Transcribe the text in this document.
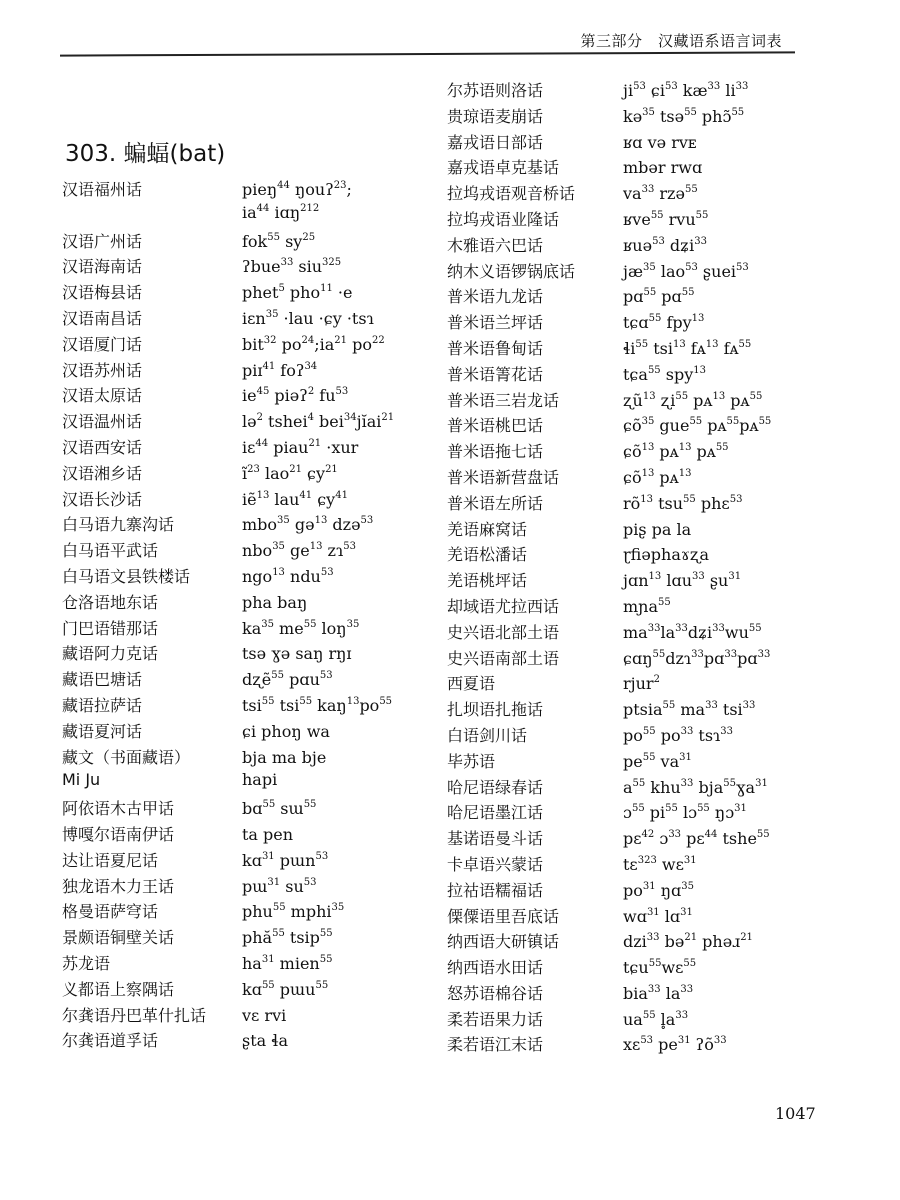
第三部分　汉藏语系语言词表
303. 蝙蝠(bat)
汉语福州话	pieŋ$^{44}$ ŋouʔ$^{23}$;
$ia^{44}$ iɑŋ$^{212}$
汉语广州话	fok$^{55}$ $sy^{25}$
汉语海南话	ʔbue$^{33}$ siu$^{325}$
汉语梅县话	phet$^5$ pho$^{11}$ ·e
汉语南昌话	iɛn$^{35}$ ·lau ·ɕy ·tsɿ
汉语厦门话	bit$^{32}$ $po^{24};ia^{21}$ $po^{22}$
汉语苏州话	piɪ$^{41}$ foʔ$^{34}$
汉语太原话	$ie^{45}$ piəʔ$^2$ $fu^{53}$
汉语温州话	lə$^2$ tshei$^4$ bei$^{34}$jĭai$^{21}$
汉语西安话	iɛ$^{44}$ piau$^{21}$ ·xur
汉语湘乡话	$ĩ^{23}$ lao$^{21}$ ɕy$^{21}$
汉语长沙话	iẽ$^{13}$ lau$^{41}$ ɕy$^{41}$
白马语九寨沟话	mbo$^{35}$ gə$^{13}$ dzə$^{53}$
白马语平武话	nbo$^{35}$ $ge^{13}$ zɿ$^{53}$
白马语文县铁楼话	ngo$^{13}$ ndu$^{53}$
仓洛语地东话	pha baŋ
门巴语错那话	$ka^{35}$ $me^{55}$ loŋ$^{35}$
藏语阿力克话	tsə ɣə saŋ rŋɪ
藏语巴塘话	dʐẽ$^{55}$ pɑu$^{53}$
藏语拉萨话	tsi$^{55}$ tsi$^{55}$ $kaŋ^{13}po^{55}$
藏语夏河话	ɕi phoŋ wa
藏文（书面藏语）	bja ma bje
Mi Ju	hapi
阿依语木古甲话	bɑ$^{55}$ sɯ$^{55}$
博嘎尔语南伊话	ta pen
达让语夏尼话	kɑ$^{31}$ pɯn$^{53}$
独龙语木力王话	pɯ$^{31}$ $su^{53}$
格曼语萨穹话	phu$^{55}$ mphi$^{35}$
景颇语铜壁关话	phă$^{55}$ tsip$^{55}$
苏龙语	$ha^{31}$ mien$^{55}$
义都语上察隅话	kɑ$^{55}$ pɯu$^{55}$
尔龚语丹巴革什扎话	vɛ rvi
尔龚语道孚话	ʂta ɬa
尔苏语则洛话	$ji^{53}$ ɕi$^{53}$ $kæ^{33}$ $li^{33}$
贵琼语麦崩话	kə$^{35}$ tsə$^{55}$ phɔ̃$^{55}$
嘉戎语日部话	ʁɑ və rvᴇ
嘉戎语卓克基话	mbər rwɑ
拉坞戎语观音桥话	$va^{33}$ rzə$^{55}$
拉坞戎语业隆话	ʁve$^{55}$ rvu$^{55}$
木雅语六巴话	ʁuə$^{53}$ dʑi$^{33}$
纳木义语锣锅底话	$jæ^{35}$ lao$^{53}$ ʂuei$^{53}$
普米语九龙话	pɑ$^{55}$ pɑ$^{55}$
普米语兰坪话	tɕɑ$^{55}$ fpy$^{13}$
普米语鲁甸话	ɬi$^{55}$ tsi$^{13}$ fᴀ$^{13}$ fᴀ$^{55}$
普米语箐花话	tɕa$^{55}$ spy$^{13}$
普米语三岩龙话	ʐũ$^{13}$ ʐi$^{55}$ pᴀ$^{13}$ pᴀ$^{55}$
普米语桃巴话	ɕõ$^{35}$ gue$^{55}$ pᴀ$^{55}$pᴀ$^{55}$
普米语拖七话	ɕõ$^{13}$ pᴀ$^{13}$ pᴀ$^{55}$
普米语新营盘话	ɕõ$^{13}$ pᴀ$^{13}$
普米语左所话	$rõ^{13}$ tsu$^{55}$ phɛ$^{53}$
羌语麻窝话	piʂ pa la
羌语松潘话	ɽfiəphaɤʐa
羌语桃坪话	jɑn$^{13}$ lɑu$^{33}$ ʂu$^{31}$
却域语尤拉西话	mɲa$^{55}$
史兴语北部土语	$ma^{33}la^{33}dʑi^{33}wu^{55}$
史兴语南部土语	ɕɑŋ$^{55}$dzɿ$^{33}$pɑ$^{33}$pɑ$^{33}$
西夏语	rjur$^2$
扎坝语扎拖话	ptsia$^{55}$ $ma^{33}$ tsi$^{33}$
白语剑川话	$po^{55}$ $po^{33}$ tsɿ$^{33}$
毕苏语	$pe^{55}$ $va^{31}$
哈尼语绿春话	$a^{55}$ khu$^{33}$ bja$^{55}$ɣa$^{31}$
哈尼语墨江话	ɔ$^{55}$ $pi^{55}$ lɔ$^{55}$ ŋɔ$^{31}$
基诺语曼斗话	pɛ$^{42}$ ɔ$^{33}$ pɛ$^{44}$ tshe$^{55}$
卡卓语兴蒙话	tɛ$^{323}$ wɛ$^{31}$
拉祜语糯福话	$po^{31}$ ŋɑ$^{35}$
傈僳语里吾底话	wɑ$^{31}$ lɑ$^{31}$
纳西语大研镇话	dzi$^{33}$ bə$^{21}$ phəɹ$^{21}$
纳西语水田话	tɕu$^{55}$wɛ$^{55}$
怒苏语棉谷话	bia$^{33}$ $la^{33}$
柔若语果力话	$ua^{55}$ $l̥a^{33}$
柔若语江末话	xɛ$^{53}$ $pe^{31}$ ʔõ$^{33}$
1047
